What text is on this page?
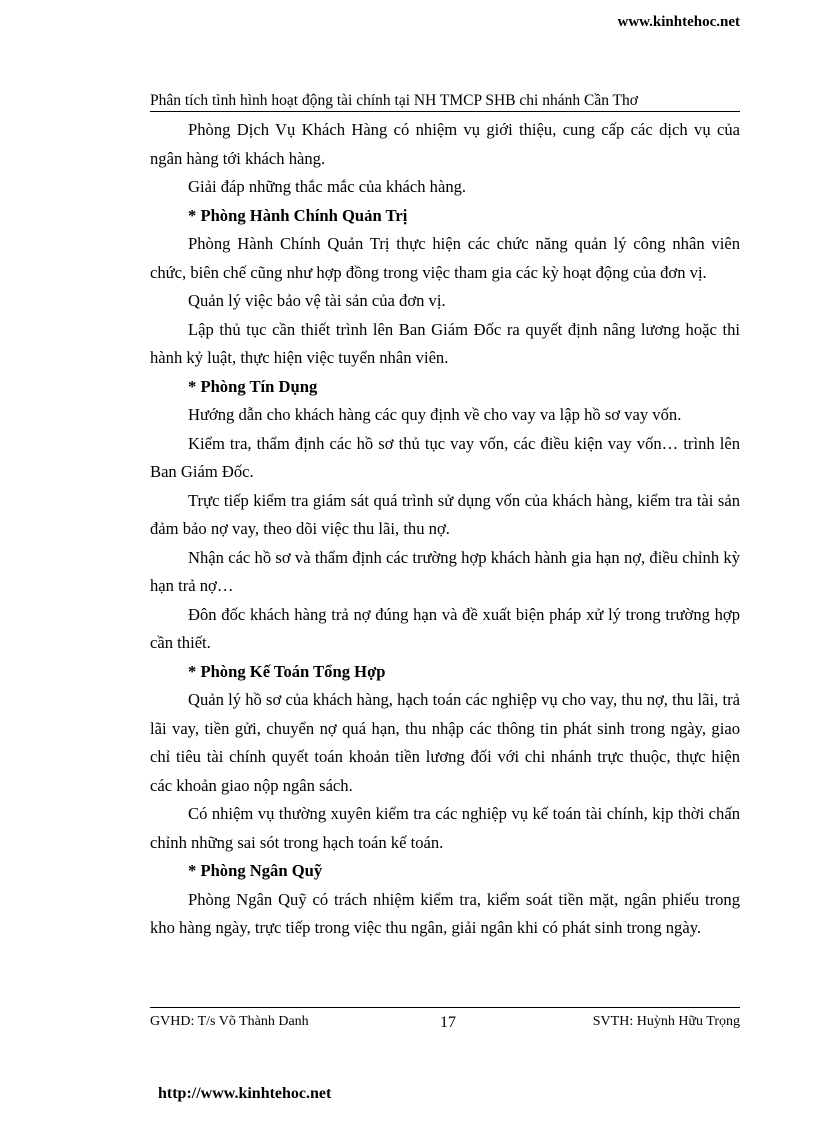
www.kinhtehoc.net
Phân tích tình hình hoạt động tài chính tại NH TMCP SHB chi nhánh Cần Thơ

Phòng Dịch Vụ Khách Hàng có nhiệm vụ giới thiệu, cung cấp các dịch vụ của ngân hàng tới khách hàng.

Giải đáp những thắc mắc của khách hàng.

* Phòng Hành Chính Quản Trị

Phòng Hành Chính Quản Trị thực hiện các chức năng quản lý công nhân viên chức, biên chế cũng như hợp đồng trong việc tham gia các kỳ hoạt động của đơn vị.

Quản lý việc bảo vệ tài sản của đơn vị.

Lập thủ tục cần thiết trình lên Ban Giám Đốc ra quyết định nâng lương hoặc thi hành kỷ luật, thực hiện việc tuyển nhân viên.

* Phòng Tín Dụng

Hướng dẫn cho khách hàng các quy định về cho vay va lập hồ sơ vay vốn.

Kiểm tra, thẩm định các hồ sơ thủ tục vay vốn, các điều kiện vay vốn… trình lên Ban Giám Đốc.

Trực tiếp kiểm tra giám sát quá trình sử dụng vốn của khách hàng, kiểm tra tài sản đảm bảo nợ vay, theo dõi việc thu lãi, thu nợ.

Nhận các hồ sơ và thẩm định các trường hợp khách hành gia hạn nợ, điều chỉnh kỳ hạn trả nợ…

Đôn đốc khách hàng trả nợ đúng hạn và đề xuất biện pháp xử lý trong trường hợp cần thiết.

* Phòng Kế Toán Tổng Hợp

Quản lý hồ sơ của khách hàng, hạch toán các nghiệp vụ cho vay, thu nợ, thu lãi, trả lãi vay, tiền gửi, chuyển nợ quá hạn, thu nhập các thông tin phát sinh trong ngày, giao chỉ tiêu tài chính quyết toán khoản tiền lương đối với chi nhánh trực thuộc, thực hiện các khoản giao nộp ngân sách.

Có nhiệm vụ thường xuyên kiểm tra các nghiệp vụ kế toán tài chính, kịp thời chấn chỉnh những sai sót trong hạch toán kế toán.

* Phòng Ngân Quỹ

Phòng Ngân Quỹ có trách nhiệm kiểm tra, kiểm soát tiền mặt, ngân phiếu trong kho hàng ngày, trực tiếp trong việc thu ngân, giải ngân khi có phát sinh trong ngày.

GVHD: T/s Võ Thành Danh	17	SVTH: Huỳnh Hữu Trọng
http://www.kinhtehoc.net
